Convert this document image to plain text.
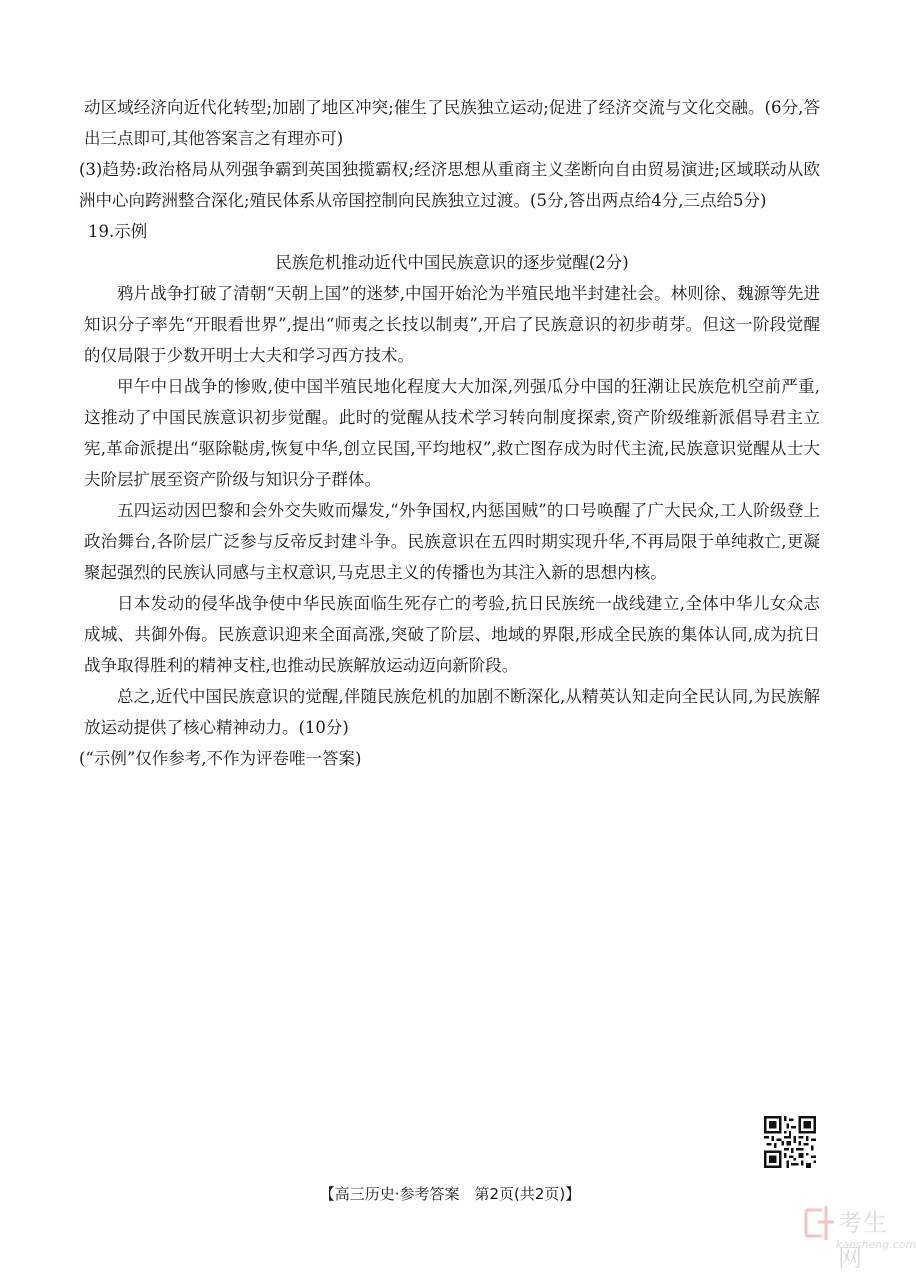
动区域经济向近代化转型;加剧了地区冲突;催生了民族独立运动;促进了经济交流与文化交融。(6分,答出三点即可,其他答案言之有理亦可)

(3)趋势:政治格局从列强争霸到英国独揽霸权;经济思想从重商主义垄断向自由贸易演进;区域联动从欧洲中心向跨洲整合深化;殖民体系从帝国控制向民族独立过渡。(5分,答出两点给4分,三点给5分)

19.示例

民族危机推动近代中国民族意识的逐步觉醒(2分)

鸦片战争打破了清朝“天朝上国”的迷梦,中国开始沦为半殖民地半封建社会。林则徐、魏源等先进知识分子率先“开眼看世界”,提出“师夷之长技以制夷”,开启了民族意识的初步萌芽。但这一阶段觉醒的仅局限于少数开明士大夫和学习西方技术。

甲午中日战争的惨败,使中国半殖民地化程度大大加深,列强瓜分中国的狂潮让民族危机空前严重,这推动了中国民族意识初步觉醒。此时的觉醒从技术学习转向制度探索,资产阶级维新派倡导君主立宪,革命派提出“驱除鞑虏,恢复中华,创立民国,平均地权”,救亡图存成为时代主流,民族意识觉醒从士大夫阶层扩展至资产阶级与知识分子群体。

五四运动因巴黎和会外交失败而爆发,“外争国权,内惩国贼”的口号唤醒了广大民众,工人阶级登上政治舞台,各阶层广泛参与反帝反封建斗争。民族意识在五四时期实现升华,不再局限于单纯救亡,更凝聚起强烈的民族认同感与主权意识,马克思主义的传播也为其注入新的思想内核。

日本发动的侵华战争使中华民族面临生死存亡的考验,抗日民族统一战线建立,全体中华儿女众志成城、共御外侮。民族意识迎来全面高涨,突破了阶层、地域的界限,形成全民族的集体认同,成为抗日战争取得胜利的精神支柱,也推动民族解放运动迈向新阶段。

总之,近代中国民族意识的觉醒,伴随民族危机的加剧不断深化,从精英认知走向全民认同,为民族解放运动提供了核心精神动力。(10分)

(“示例”仅作参考,不作为评卷唯一答案)

【高三历史·参考答案　第2页(共2页)】
考生网
kaosheng.com
